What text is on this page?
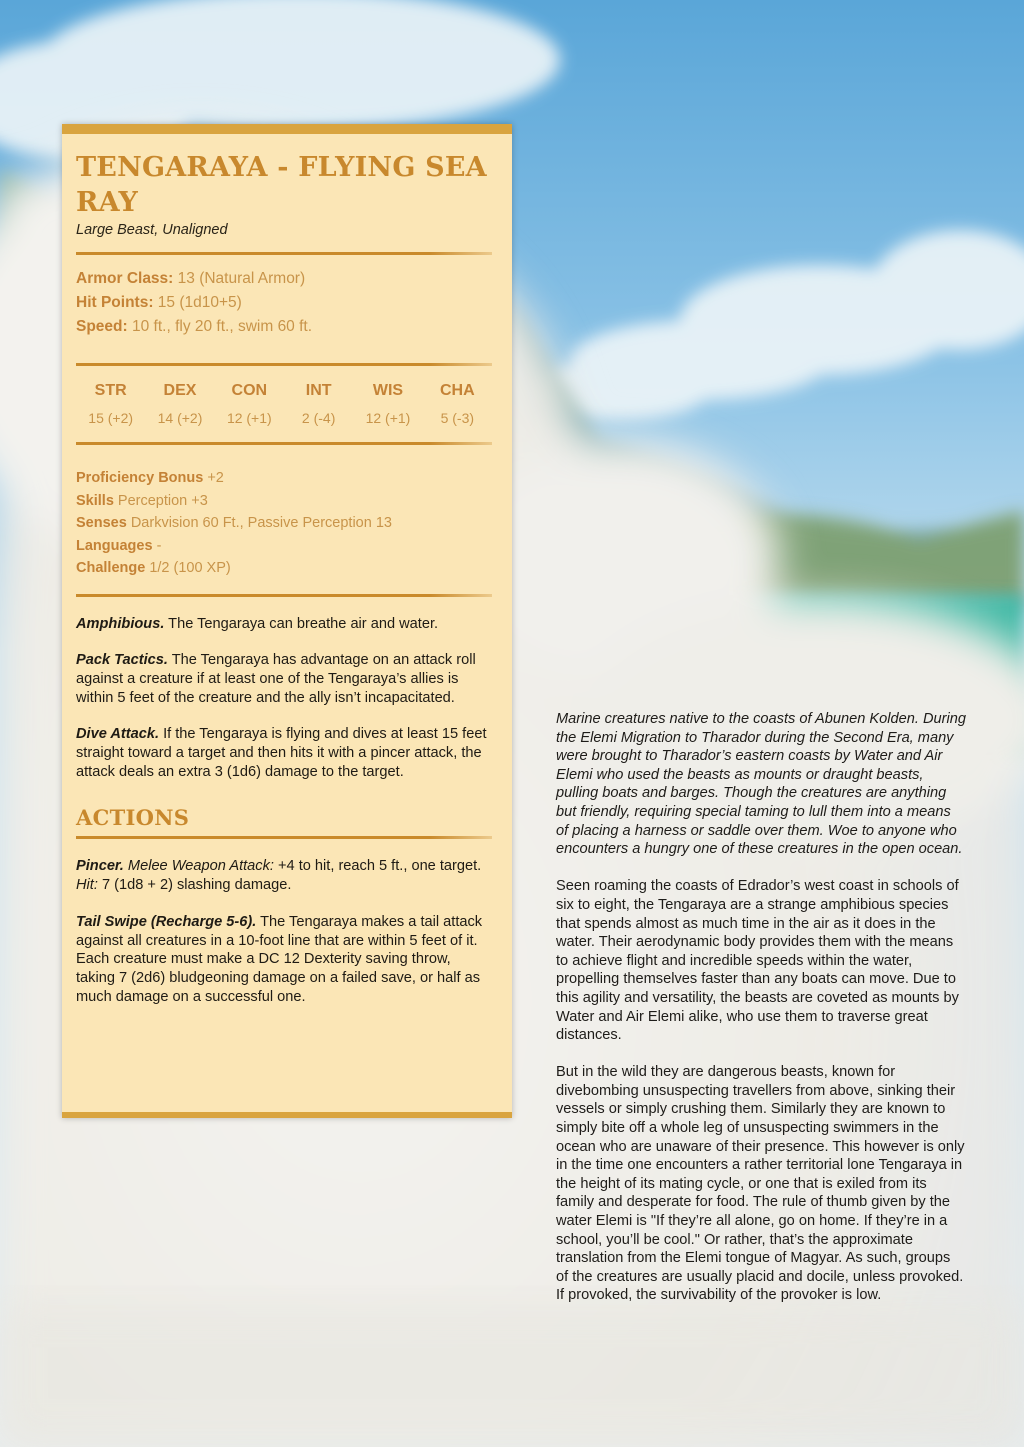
TENGARAYA - FLYING SEA RAY
Large Beast, Unaligned
Armor Class: 13 (Natural Armor)
Hit Points: 15 (1d10+5)
Speed: 10 ft., fly 20 ft., swim 60 ft.
STR
15 (+2)
DEX
14 (+2)
CON
12 (+1)
INT
2 (-4)
WIS
12 (+1)
CHA
5 (-3)
Proficiency Bonus +2
Skills Perception +3
Senses Darkvision 60 Ft., Passive Perception 13
Languages -
Challenge 1/2 (100 XP)

Amphibious. The Tengaraya can breathe air and water.

Pack Tactics. The Tengaraya has advantage on an attack roll against a creature if at least one of the Tengaraya’s allies is within 5 feet of the creature and the ally isn’t incapacitated.

Dive Attack. If the Tengaraya is flying and dives at least 15 feet straight toward a target and then hits it with a pincer attack, the attack deals an extra 3 (1d6) damage to the target.

ACTIONS

Pincer. Melee Weapon Attack: +4 to hit, reach 5 ft., one target. Hit: 7 (1d8 + 2) slashing damage.

Tail Swipe (Recharge 5-6). The Tengaraya makes a tail attack against all creatures in a 10-foot line that are within 5 feet of it. Each creature must make a DC 12 Dexterity saving throw, taking 7 (2d6) bludgeoning damage on a failed save, or half as much damage on a successful one.

Marine creatures native to the coasts of Abunen Kolden. During the Elemi Migration to Tharador during the Second Era, many were brought to Tharador’s eastern coasts by Water and Air Elemi who used the beasts as mounts or draught beasts, pulling boats and barges. Though the creatures are anything but friendly, requiring special taming to lull them into a means of placing a harness or saddle over them. Woe to anyone who encounters a hungry one of these creatures in the open ocean.

Seen roaming the coasts of Edrador’s west coast in schools of six to eight, the Tengaraya are a strange amphibious species that spends almost as much time in the air as it does in the water. Their aerodynamic body provides them with the means to achieve flight and incredible speeds within the water, propelling themselves faster than any boats can move. Due to this agility and versatility, the beasts are coveted as mounts by Water and Air Elemi alike, who use them to traverse great distances.

But in the wild they are dangerous beasts, known for divebombing unsuspecting travellers from above, sinking their vessels or simply crushing them. Similarly they are known to simply bite off a whole leg of unsuspecting swimmers in the ocean who are unaware of their presence. This however is only in the time one encounters a rather territorial lone Tengaraya in the height of its mating cycle, or one that is exiled from its family and desperate for food. The rule of thumb given by the water Elemi is "If they’re all alone, go on home. If they’re in a school, you’ll be cool." Or rather, that’s the approximate translation from the Elemi tongue of Magyar. As such, groups of the creatures are usually placid and docile, unless provoked. If provoked, the survivability of the provoker is low.
